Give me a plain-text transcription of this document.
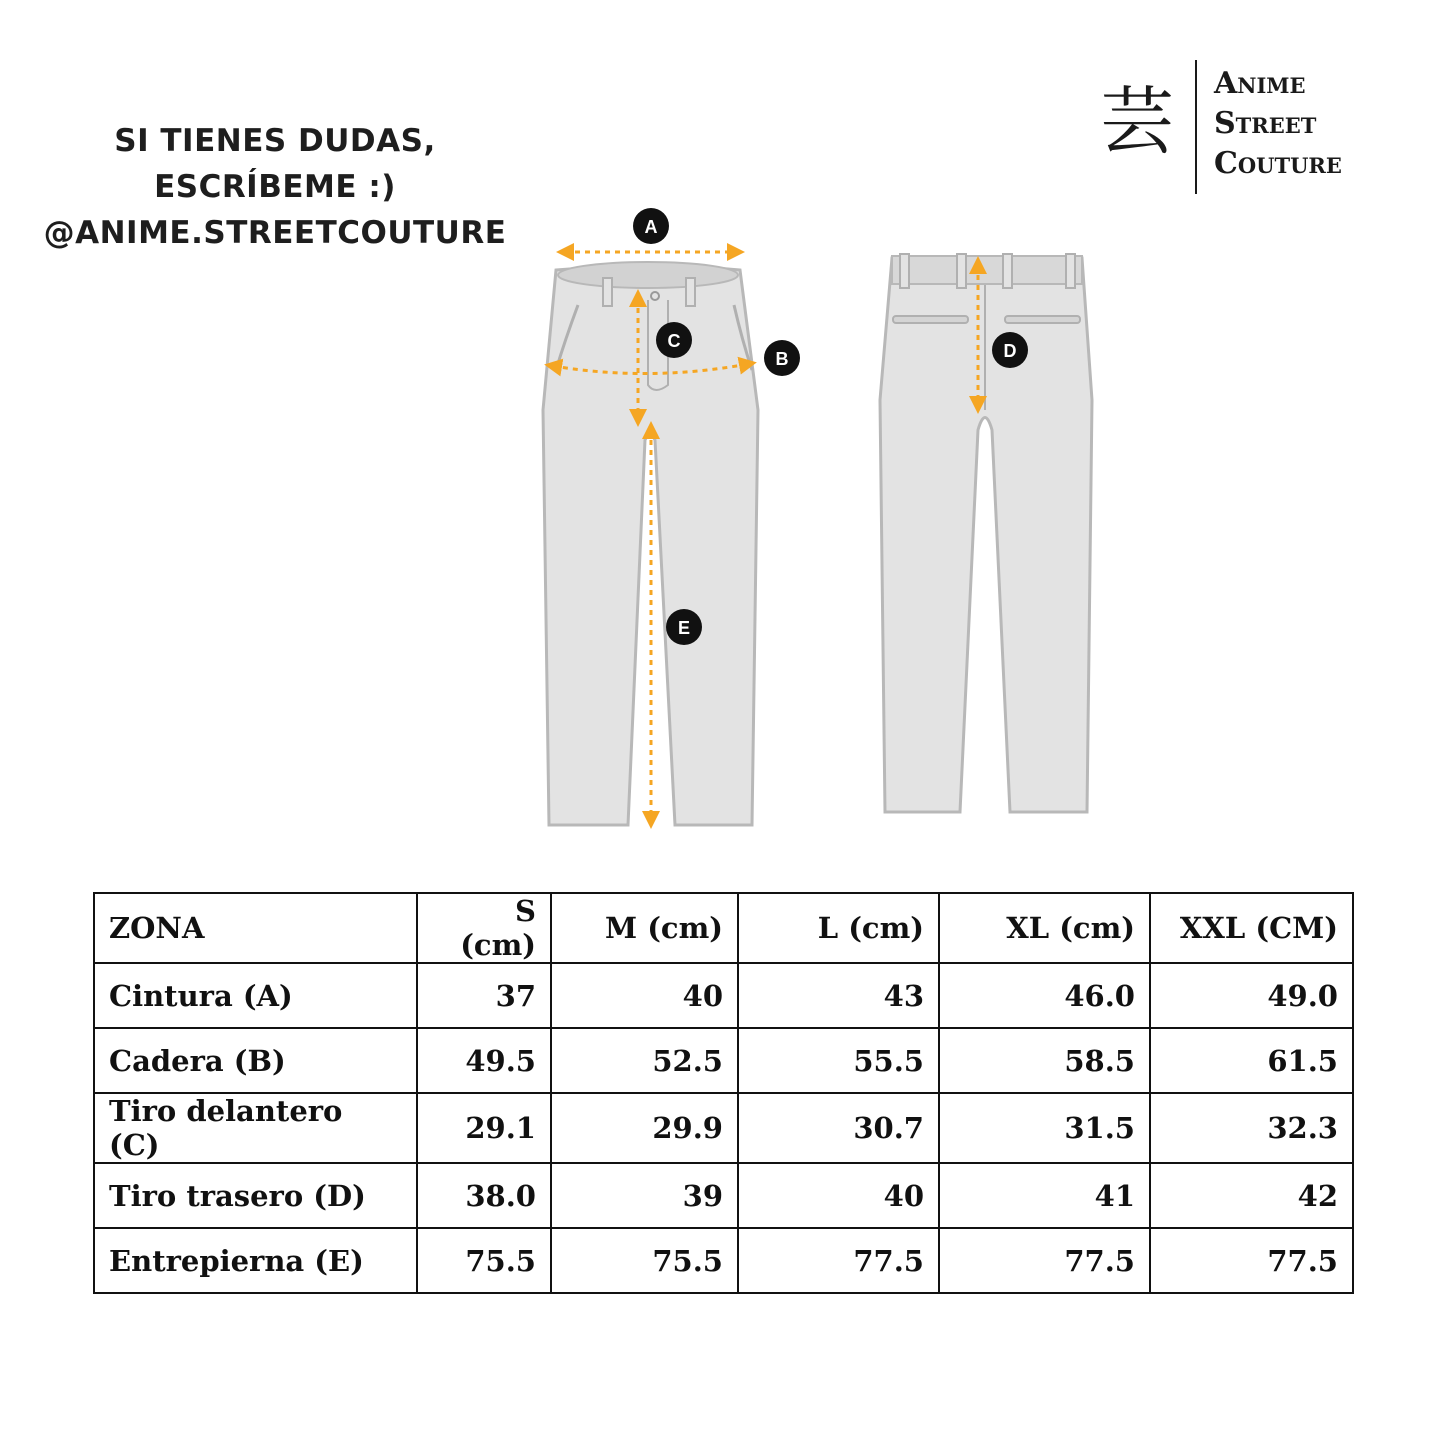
SI TIENES DUDAS,
ESCRÍBEME :)
@ANIME.STREETCOUTURE
芸 Anime
Street
Couture
A
B
C	D
E
ZONA	S (cm)	M (cm)	L (cm)	XL (cm)	XXL (CM)
Cintura (A)	37	40	43	46.0	49.0
Cadera (B)	49.5	52.5	55.5	58.5	61.5
Tiro delantero (C)	29.1	29.9	30.7	31.5	32.3
Tiro trasero (D)	38.0	39	40	41	42
Entrepierna (E)	75.5	75.5	77.5	77.5	77.5
